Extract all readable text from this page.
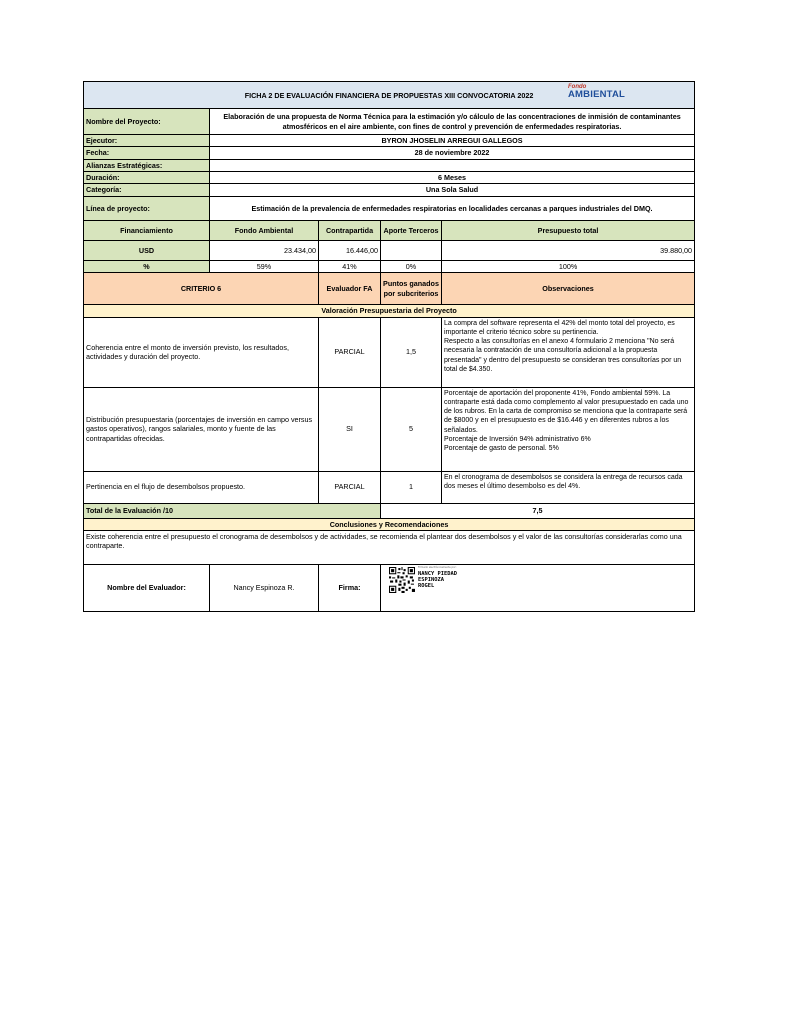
FICHA 2 DE EVALUACIÓN FINANCIERA DE PROPUESTAS XIII CONVOCATORIA 2022
Fondo
AMBIENTAL				

Nombre del Proyecto:	Elaboración de una propuesta de Norma Técnica para la estimación y/o cálculo de las concentraciones de inmisión de contaminantes atmosféricos en el aire ambiente, con fines de control y prevención de enfermedades respiratorias.			
Ejecutor:	BYRON JHOSELIN ARREGUI GALLEGOS			
Fecha:	28 de noviembre 2022			
Alianzas Estratégicas:				
Duración:	6 Meses			
Categoría:	Una Sola Salud			
Línea de proyecto:	Estimación de la prevalencia de enfermedades respiratorias en localidades cercanas a parques industriales del DMQ.			
Financiamiento	Fondo Ambiental	Contrapartida	Aporte Terceros	Presupuesto total
USD	23.434,00	16.446,00		39.880,00
%	59%	41%	0%	100%
CRITERIO 6		Evaluador FA	Puntos ganados por subcriterios	Observaciones
Valoración Presupuestaria del Proyecto				
Coherencia entre el monto de inversión previsto, los resultados, actividades y duración del proyecto.		PARCIAL	1,5	La compra del software representa el 42% del monto total del proyecto, es importante el criterio técnico sobre su pertinencia.
Respecto a las consultorías en el anexo 4 formulario 2 menciona "No será necesaria la contratación de una consultoría adicional a la propuesta presentada" y dentro del presupuesto se consideran tres consultorías por un total de $4.350.
Distribución presupuestaria (porcentajes de inversión en campo versus gastos operativos), rangos salariales, monto y fuente de las contrapartidas ofrecidas.		SI	5	Porcentaje de aportación del proponente 41%, Fondo ambiental 59%. La contraparte está dada como complemento al valor presupuestado en cada uno de los rubros. En la carta de compromiso se menciona que la contraparte será de $8000 y en el presupuesto es de $16.446 y en diferentes rubros a los señalados.
Porcentaje de Inversión 94% administrativo 6%
Porcentaje de gasto de personal. 5%
Pertinencia en el flujo de desembolsos propuesto.		PARCIAL	1	En el cronograma de desembolsos se considera la entrega de recursos cada dos meses el último desembolso es del 4%.
Total de la Evaluación /10			7,5	
Conclusiones y Recomendaciones				
Existe coherencia entre el presupuesto el cronograma de desembolsos y de actividades, se recomienda el plantear dos desembolsos y el valor de las consultorías considerarlas como una contraparte.				
Nombre del Evaluador:	Nancy Espinoza R.	Firma:	Firmado electrónicamente por:
NANCY PIEDAD
ESPINOZA
ROGEL	
